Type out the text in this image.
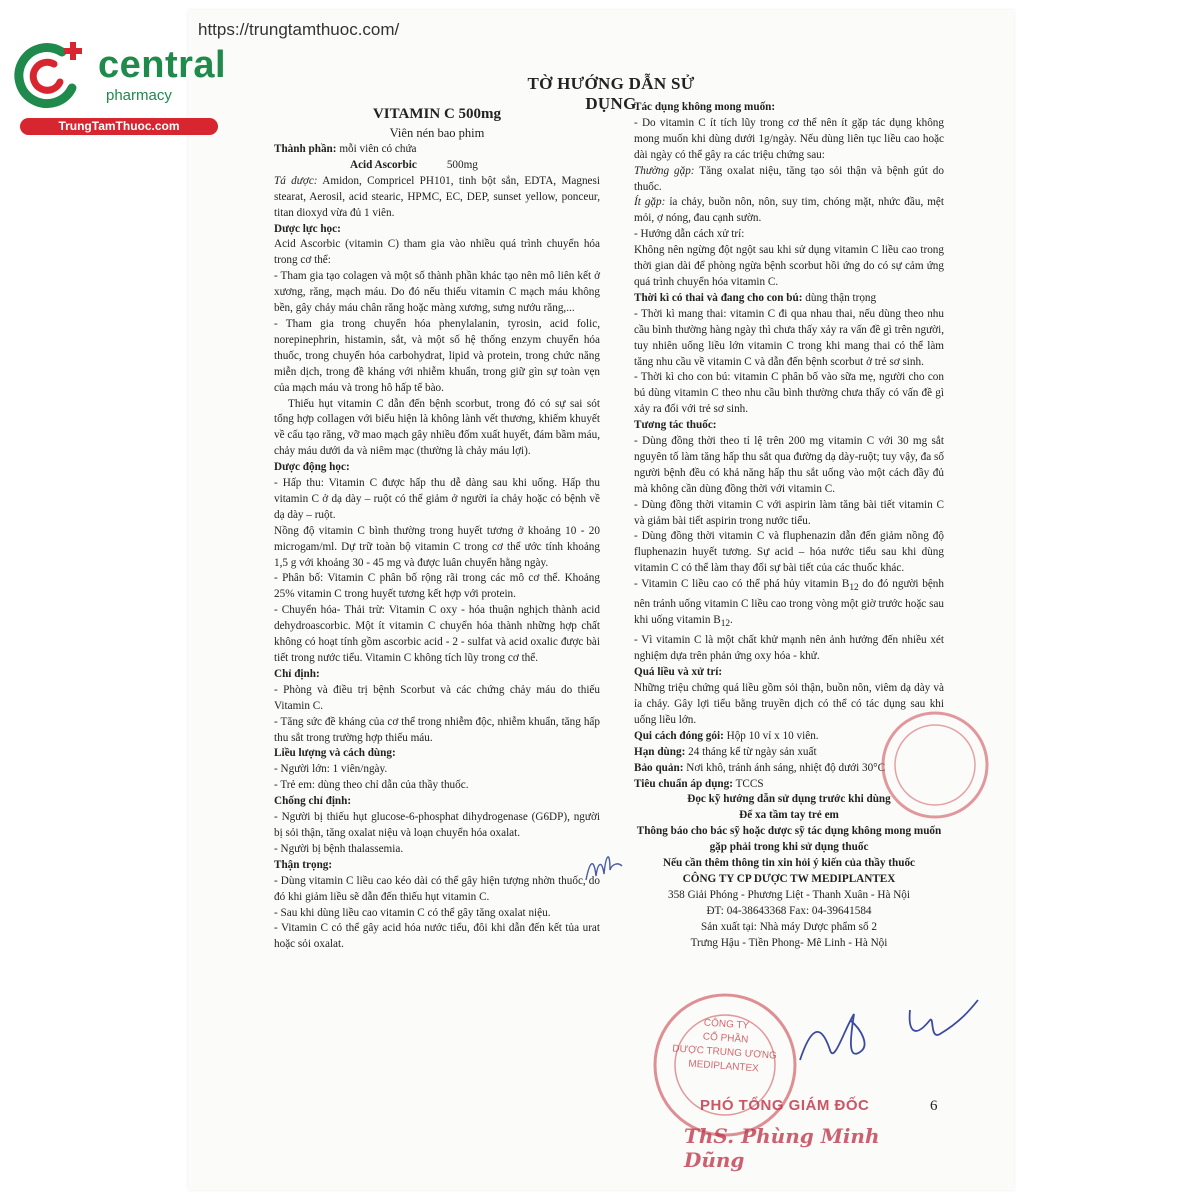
central
pharmacy
TrungTamThuoc.com
https://trungtamthuoc.com/
TỜ HƯỚNG DẪN SỬ DỤNG

VITAMIN C 500mg

Viên nén bao phim

Thành phần: mỗi viên có chứa

Acid Ascorbic	500mg

Tá dược: Amidon, Compricel PH101, tinh bột sắn, EDTA, Magnesi stearat, Aerosil, acid stearic, HPMC, EC, DEP, sunset yellow, ponceur, titan dioxyd vừa đủ 1 viên.

Dược lực học:

Acid Ascorbic (vitamin C) tham gia vào nhiều quá trình chuyển hóa trong cơ thể:

- Tham gia tạo colagen và một số thành phần khác tạo nên mô liên kết ở xương, răng, mạch máu. Do đó nếu thiếu vitamin C mạch máu không bền, gây chảy máu chân răng hoặc màng xương, sưng nướu răng,...

- Tham gia trong chuyển hóa phenylalanin, tyrosin, acid folic, norepinephrin, histamin, sắt, và một số hệ thống enzym chuyển hóa thuốc, trong chuyển hóa carbohydrat, lipid và protein, trong chức năng miễn dịch, trong đề kháng với nhiễm khuẩn, trong giữ gìn sự toàn vẹn của mạch máu và trong hô hấp tế bào.

Thiếu hụt vitamin C dẫn đến bệnh scorbut, trong đó có sự sai sót tổng hợp collagen với biểu hiện là không lành vết thương, khiếm khuyết về cấu tạo răng, vỡ mao mạch gây nhiều đốm xuất huyết, đám bầm máu, chảy máu dưới da và niêm mạc (thường là chảy máu lợi).

Dược động học:

- Hấp thu: Vitamin C được hấp thu dễ dàng sau khi uống. Hấp thu vitamin C ở dạ dày – ruột có thể giảm ở người ỉa chảy hoặc có bệnh về dạ dày – ruột.

Nồng độ vitamin C bình thường trong huyết tương ở khoảng 10 - 20 microgam/ml. Dự trữ toàn bộ vitamin C trong cơ thể ước tính khoảng 1,5 g với khoảng 30 - 45 mg và được luân chuyển hằng ngày.

- Phân bố: Vitamin C phân bố rộng rãi trong các mô cơ thể. Khoảng 25% vitamin C trong huyết tương kết hợp với protein.

- Chuyển hóa- Thải trừ: Vitamin C oxy - hóa thuận nghịch thành acid dehydroascorbic. Một ít vitamin C chuyển hóa thành những hợp chất không có hoạt tính gồm ascorbic acid - 2 - sulfat và acid oxalic được bài tiết trong nước tiểu. Vitamin C không tích lũy trong cơ thể.

Chỉ định:

- Phòng và điều trị bệnh Scorbut và các chứng chảy máu do thiếu Vitamin C.

- Tăng sức đề kháng của cơ thể trong nhiễm độc, nhiễm khuẩn, tăng hấp thu sắt trong trường hợp thiếu máu.

Liều lượng và cách dùng:

- Người lớn: 1 viên/ngày.

- Trẻ em: dùng theo chỉ dẫn của thầy thuốc.

Chống chỉ định:

- Người bị thiếu hụt glucose-6-phosphat dihydrogenase (G6DP), người bị sỏi thận, tăng oxalat niệu và loạn chuyển hóa oxalat.

- Người bị bệnh thalassemia.

Thận trọng:

- Dùng vitamin C liều cao kéo dài có thể gây hiện tượng nhờn thuốc, do đó khi giảm liều sẽ dẫn đến thiếu hụt vitamin C.

- Sau khi dùng liều cao vitamin C có thể gây tăng oxalat niệu.

- Vitamin C có thể gây acid hóa nước tiểu, đôi khi dẫn đến kết tủa urat hoặc sỏi oxalat.

Tác dụng không mong muốn:

- Do vitamin C ít tích lũy trong cơ thể nên ít gặp tác dụng không mong muốn khi dùng dưới 1g/ngày. Nếu dùng liên tục liều cao hoặc dài ngày có thể gây ra các triệu chứng sau:

Thường gặp: Tăng oxalat niệu, tăng tạo sỏi thận và bệnh gút do thuốc.

Ít gặp: ỉa chảy, buồn nôn, nôn, suy tim, chóng mặt, nhức đầu, mệt mỏi, ợ nóng, đau cạnh sườn.

- Hướng dẫn cách xử trí:

Không nên ngừng đột ngột sau khi sử dụng vitamin C liều cao trong thời gian dài để phòng ngừa bệnh scorbut hồi ứng do có sự cảm ứng quá trình chuyển hóa vitamin C.

Thời kì có thai và đang cho con bú: dùng thận trọng

- Thời kì mang thai: vitamin C đi qua nhau thai, nếu dùng theo nhu cầu bình thường hàng ngày thì chưa thấy xảy ra vấn đề gì trên người, tuy nhiên uống liều lớn vitamin C trong khi mang thai có thể làm tăng nhu cầu về vitamin C và dẫn đến bệnh scorbut ở trẻ sơ sinh.

- Thời kì cho con bú: vitamin C phân bố vào sữa mẹ, người cho con bú dùng vitamin C theo nhu cầu bình thường chưa thấy có vấn đề gì xảy ra đối với trẻ sơ sinh.

Tương tác thuốc:

- Dùng đồng thời theo tỉ lệ trên 200 mg vitamin C với 30 mg sắt nguyên tố làm tăng hấp thu sắt qua đường dạ dày-ruột; tuy vậy, đa số người bệnh đều có khả năng hấp thu sắt uống vào một cách đầy đủ mà không cần dùng đồng thời với vitamin C.

- Dùng đồng thời vitamin C với aspirin làm tăng bài tiết vitamin C và giảm bài tiết aspirin trong nước tiểu.

- Dùng đồng thời vitamin C và fluphenazin dẫn đến giảm nồng độ fluphenazin huyết tương. Sự acid – hóa nước tiểu sau khi dùng vitamin C có thể làm thay đổi sự bài tiết của các thuốc khác.

- Vitamin C liều cao có thể phá hủy vitamin $B_{12}$ do đó người bệnh nên tránh uống vitamin C liều cao trong vòng một giờ trước hoặc sau khi uống vitamin $B_{12}$.

- Vì vitamin C là một chất khử mạnh nên ảnh hưởng đến nhiều xét nghiệm dựa trên phản ứng oxy hóa - khử.

Quá liều và xử trí:

Những triệu chứng quá liều gồm sỏi thận, buồn nôn, viêm dạ dày và ỉa chảy. Gây lợi tiểu bằng truyền dịch có thể có tác dụng sau khi uống liều lớn.

Qui cách đóng gói: Hộp 10 vỉ x 10 viên.

Hạn dùng: 24 tháng kể từ ngày sản xuất

Bảo quản: Nơi khô, tránh ánh sáng, nhiệt độ dưới 30°C

Tiêu chuẩn áp dụng: TCCS

Đọc kỹ hướng dẫn sử dụng trước khi dùng

Để xa tầm tay trẻ em

Thông báo cho bác sỹ hoặc dược sỹ tác dụng không mong muốn gặp phải trong khi sử dụng thuốc

Nếu cần thêm thông tin xin hỏi ý kiến của thầy thuốc

CÔNG TY CP DƯỢC TW MEDIPLANTEX

358 Giải Phóng - Phương Liệt - Thanh Xuân - Hà Nội

ĐT: 04-38643368 Fax: 04-39641584

Sản xuất tại: Nhà máy Dược phẩm số 2

Trưng Hậu - Tiền Phong- Mê Linh - Hà Nội

CÔNG TY
CỔ PHẦN
DƯỢC TRUNG ƯƠNG
MEDIPLANTEX
PHÓ TỔNG GIÁM ĐỐC
ThS. Phùng Minh Dũng
6
